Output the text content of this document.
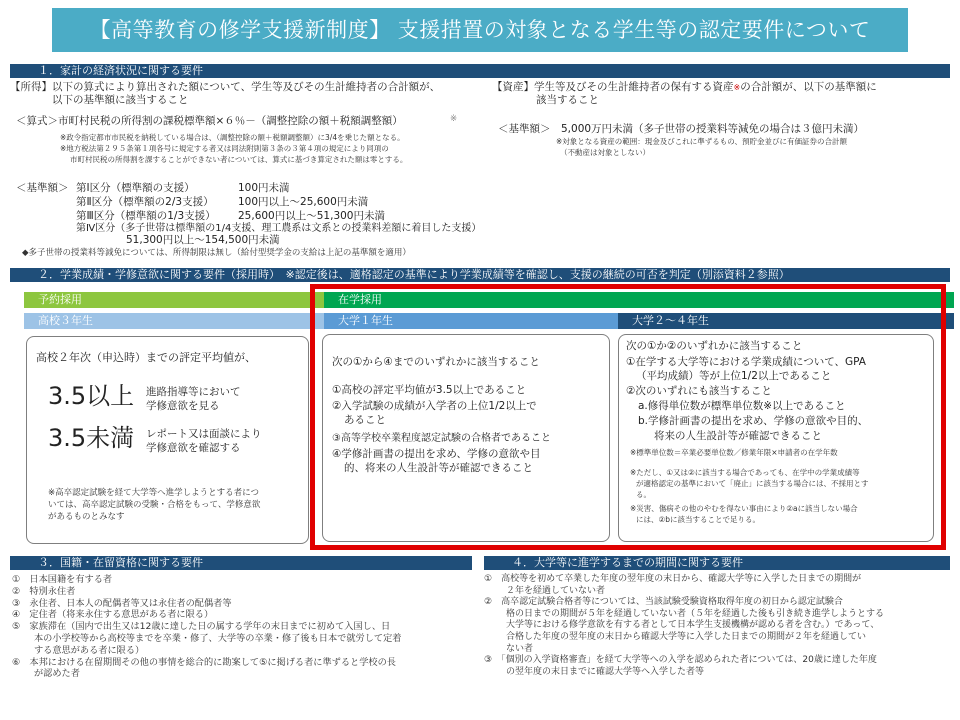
【高等教育の修学支援新制度】 支援措置の対象となる学生等の認定要件について
１．家計の経済状況に関する要件
【所得】以下の算式により算出された額について、学生等及びその生計維持者の合計額が、
以下の基準額に該当すること
＜算式＞市町村民税の所得割の課税標準額×６％－（調整控除の額＋税額調整額）	※
※政令指定都市市民税を納税している場合は、（調整控除の額＋税額調整額）に3/4を乗じた額となる。
※地方税法第２９５条第１項各号に規定する者又は同法附則第３条の３第４項の規定により同項の
市町村民税の所得割を課することができない者については、算式に基づき算定された額は零とする。
＜基準額＞ 第Ⅰ区分（標準額の支援）	100円未満
第Ⅱ区分（標準額の2/3支援） 100円以上～25,600円未満
第Ⅲ区分（標準額の1/3支援） 25,600円以上～51,300円未満
第Ⅳ区分（多子世帯は標準額の1/4支援、理工農系は文系との授業料差額に着目した支援）
51,300円以上～154,500円未満
◆多子世帯の授業料等減免については、所得制限は無し（給付型奨学金の支給は上記の基準額を適用）
【資産】学生等及びその生計維持者の保有する資産※の合計額が、以下の基準額に
該当すること
＜基準額＞　5,000万円未満（多子世帯の授業料等減免の場合は３億円未満）
※対象となる資産の範囲：現金及びこれに準ずるもの、預貯金並びに有価証券の合計額
（不動産は対象としない）
２．学業成績・学修意欲に関する要件（採用時）　 ※認定後は、適格認定の基準により学業成績等を確認し、支援の継続の可否を判定（別添資料２参照）
予約採用	在学採用
高校３年生	大学１年生	大学２～４年生
高校２年次（申込時）までの評定平均値が、
3.5以上 進路指導等において
学修意欲を見る
3.5未満 レポート又は面談により
学修意欲を確認する
※高卒認定試験を経て大学等へ進学しようとする者につ
いては、高卒認定試験の受験・合格をもって、学修意欲
があるものとみなす
次の①から④までのいずれかに該当すること
①高校の評定平均値が3.5以上であること
②入学試験の成績が入学者の上位1/2以上で
あること
③高等学校卒業程度認定試験の合格者であること
④学修計画書の提出を求め、学修の意欲や目
的、将来の人生設計等が確認できること
次の①か②のいずれかに該当すること
①在学する大学等における学業成績について、GPA
（平均成績）等が上位1/2以上であること
②次のいずれにも該当すること
a.修得単位数が標準単位数※以上であること
b.学修計画書の提出を求め、学修の意欲や目的、
将来の人生設計等が確認できること
※標準単位数＝卒業必要単位数／修業年限×申請者の在学年数
※ただし、①又は②に該当する場合であっても、在学中の学業成績等
が適格認定の基準において「廃止」に該当する場合には、不採用とす
る。
※災害、傷病その他のやむを得ない事由により②aに該当しない場合
には、②bに該当することで足りる。
３．国籍・在留資格に関する要件
①　日本国籍を有する者
②　特別永住者
③　永住者、日本人の配偶者等又は永住者の配偶者等
④　定住者（将来永住する意思がある者に限る）
⑤　家族滞在（国内で出生又は12歳に達した日の属する学年の末日までに初めて入国し、日
本の小学校等から高校等までを卒業・修了、大学等の卒業・修了後も日本で就労して定着
する意思がある者に限る）
⑥　本邦における在留期間その他の事情を総合的に勘案して⑤に掲げる者に準ずると学校の長
が認めた者
４．大学等に進学するまでの期間に関する要件
①　高校等を初めて卒業した年度の翌年度の末日から、確認大学等に入学した日までの期間が
２年を経過していない者
②　高卒認定試験合格者等については、当該試験受験資格取得年度の初日から認定試験合
格の日までの期間が５年を経過していない者（５年を経過した後も引き続き進学しようとする
大学等における修学意欲を有する者として日本学生支援機構が認める者を含む。）であって、
合格した年度の翌年度の末日から確認大学等に入学した日までの期間が２年を経過してい
ない者
③　「個別の入学資格審査」を経て大学等への入学を認められた者については、20歳に達した年度
の翌年度の末日までに確認大学等へ入学した者等
